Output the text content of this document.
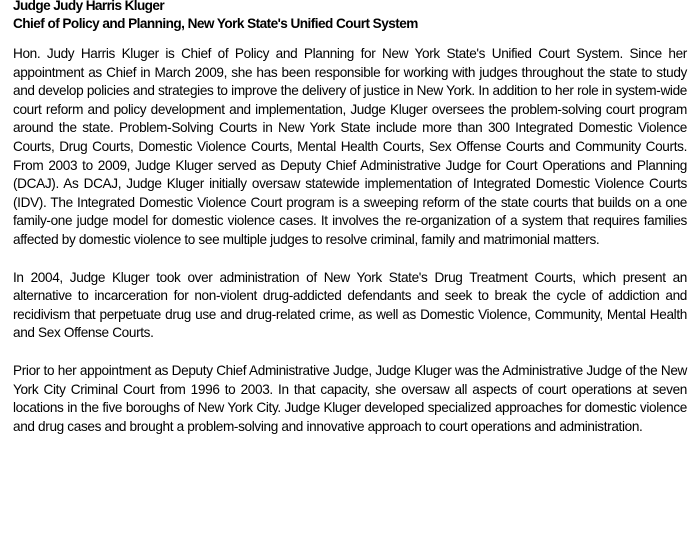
Judge Judy Harris Kluger
Chief of Policy and Planning, New York State's Unified Court System

Hon. Judy Harris Kluger is Chief of Policy and Planning for New York State's Unified Court System. Since her appointment as Chief in March 2009, she has been responsible for working with judges throughout the state to study and develop policies and strategies to improve the delivery of justice in New York. In addition to her role in system-wide court reform and policy development and implementation, Judge Kluger oversees the problem-solving court program around the state. Problem-Solving Courts in New York State include more than 300 Integrated Domestic Violence Courts, Drug Courts, Domestic Violence Courts, Mental Health Courts, Sex Offense Courts and Community Courts. From 2003 to 2009, Judge Kluger served as Deputy Chief Administrative Judge for Court Operations and Planning (DCAJ). As DCAJ, Judge Kluger initially oversaw statewide implementation of Integrated Domestic Violence Courts (IDV). The Integrated Domestic Violence Court program is a sweeping reform of the state courts that builds on a one family-one judge model for domestic violence cases. It involves the re-organization of a system that requires families affected by domestic violence to see multiple judges to resolve criminal, family and matrimonial matters.

In 2004, Judge Kluger took over administration of New York State's Drug Treatment Courts, which present an alternative to incarceration for non-violent drug-addicted defendants and seek to break the cycle of addiction and recidivism that perpetuate drug use and drug-related crime, as well as Domestic Violence, Community, Mental Health and Sex Offense Courts.

Prior to her appointment as Deputy Chief Administrative Judge, Judge Kluger was the Administrative Judge of the New York City Criminal Court from 1996 to 2003. In that capacity, she oversaw all aspects of court operations at seven locations in the five boroughs of New York City. Judge Kluger developed specialized approaches for domestic violence and drug cases and brought a problem-solving and innovative approach to court operations and administration.
